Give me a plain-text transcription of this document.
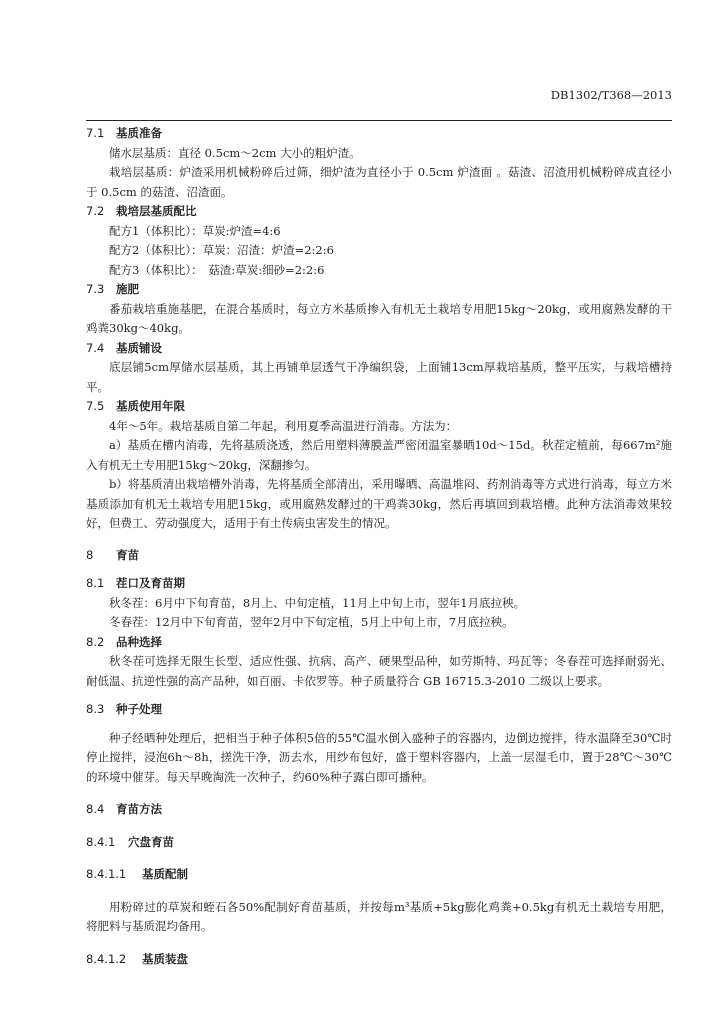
DB1302/T368—2013

7.1 基质准备

储水层基质：直径 0.5cm～2cm 大小的粗炉渣。

栽培层基质：炉渣采用机械粉碎后过筛，细炉渣为直径小于 0.5cm 炉渣面 。菇渣、沼渣用机械粉碎成直径小于 0.5cm 的菇渣、沼渣面。

7.2 栽培层基质配比

配方1（体积比）：草炭:炉渣=4:6

配方2（体积比）：草炭：沼渣：炉渣=2:2:6

配方3（体积比）：　菇渣:草炭:细砂=2:2:6

7.3 施肥

番茄栽培重施基肥，在混合基质时，每立方米基质掺入有机无土栽培专用肥15kg～20kg，或用腐熟发酵的干鸡粪30kg～40kg。

7.4 基质铺设

底层铺5cm厚储水层基质，其上再铺单层透气干净编织袋，上面铺13cm厚栽培基质，整平压实，与栽培槽持平。

7.5 基质使用年限

4年～5年。栽培基质自第二年起，利用夏季高温进行消毒。方法为：

a）基质在槽内消毒，先将基质浇透，然后用塑料薄膜盖严密闭温室暴晒10d～15d。秋茬定植前，每667m²施入有机无土专用肥15kg～20kg，深翻掺匀。

b）将基质清出栽培槽外消毒，先将基质全部清出，采用曝晒、高温堆闷、药剂消毒等方式进行消毒，每立方米基质添加有机无土栽培专用肥15kg，或用腐熟发酵过的干鸡粪30kg，然后再填回到栽培槽。此种方法消毒效果较好，但费工、劳动强度大，适用于有土传病虫害发生的情况。

8 育苗

8.1 茬口及育苗期

秋冬茬：6月中下旬育苗，8月上、中旬定植，11月上中旬上市，翌年1月底拉秧。

冬春茬：12月中下旬育苗，翌年2月中下旬定植，5月上中旬上市，7月底拉秧。

8.2 品种选择

秋冬茬可选择无限生长型、适应性强、抗病、高产、硬果型品种，如劳斯特、玛瓦等；冬春茬可选择耐弱光、耐低温、抗逆性强的高产品种，如百丽、卡依罗等。种子质量符合 GB 16715.3-2010 二级以上要求。

8.3 种子处理

种子经晒种处理后，把相当于种子体积5倍的55℃温水倒入盛种子的容器内，边倒边搅拌，待水温降至30℃时停止搅拌，浸泡6h～8h，搓洗干净，沥去水，用纱布包好，盛于塑料容器内，上盖一层湿毛巾，置于28℃～30℃的环境中催芽。每天早晚淘洗一次种子，约60%种子露白即可播种。

8.4 育苗方法

8.4.1 穴盘育苗

8.4.1.1 基质配制

用粉碎过的草炭和蛭石各50%配制好育苗基质，并按每m³基质+5kg膨化鸡粪+0.5kg有机无土栽培专用肥，将肥料与基质混均备用。

8.4.1.2 基质装盘
